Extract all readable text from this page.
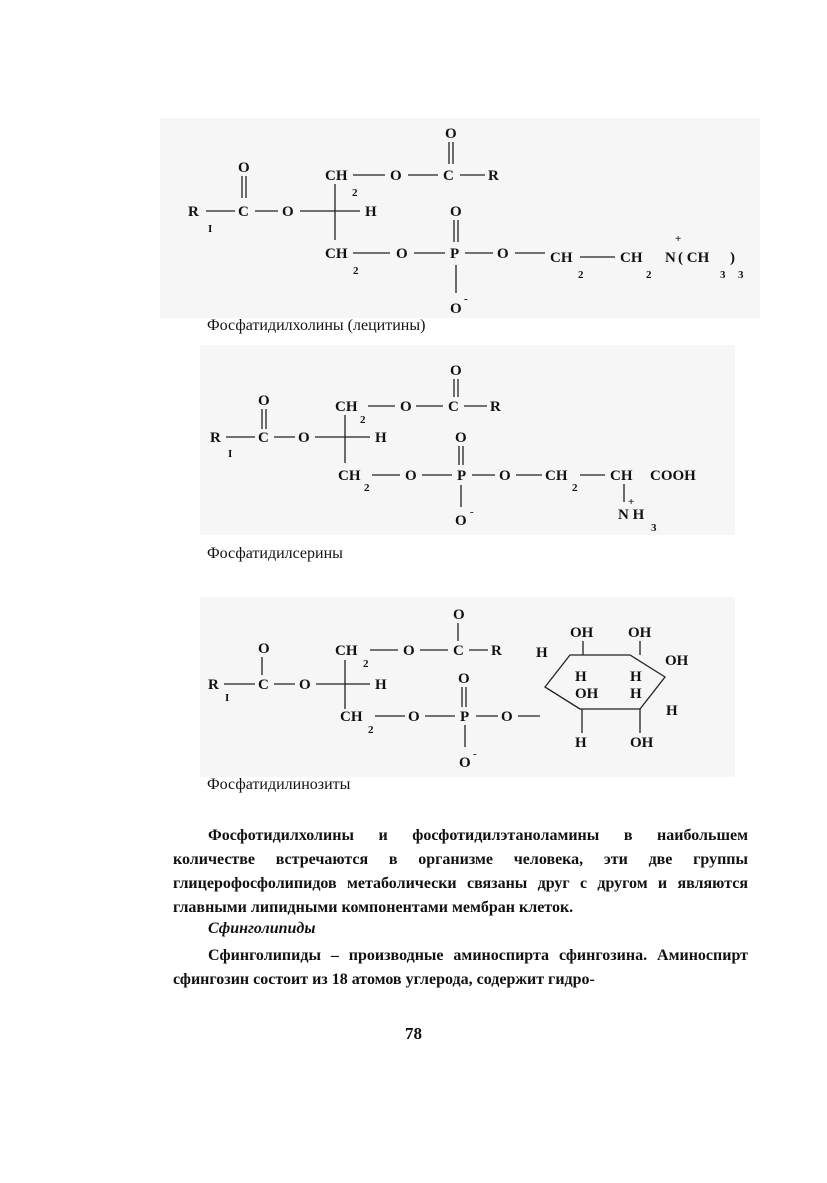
O
O	CH
2
O	C R
R
I
C O	H	O
CH
2
O	P	O	CH
2
CH
2
N
+
( CH
3
)
3
O
-

Фосфатидилхолины (лецитины)

O
O	CH
2
O C R
R
I
C O	H	O
CH
2
O	P O CH
2
CH COOH
+
N H
3
O
-

Фосфатидилсерины

O
O	CH
2
O	C R
R
I
C O	H	O
CH
2
O	P O
O
-
H
OH OH
OH
H	H
OH H
H
H	OH

Фосфатидилинозиты

Фосфотидилхолины и фосфотидилэтаноламины в наибольшем количестве встречаются в организме человека, эти две группы глицерофосфолипидов метаболически связаны друг с другом и являются главными липидными компонентами мембран клеток.

Сфинголипиды

Сфинголипиды – производные аминоспирта сфингозина. Аминоспирт сфингозин состоит из 18 атомов углерода, содержит гидро-

78
